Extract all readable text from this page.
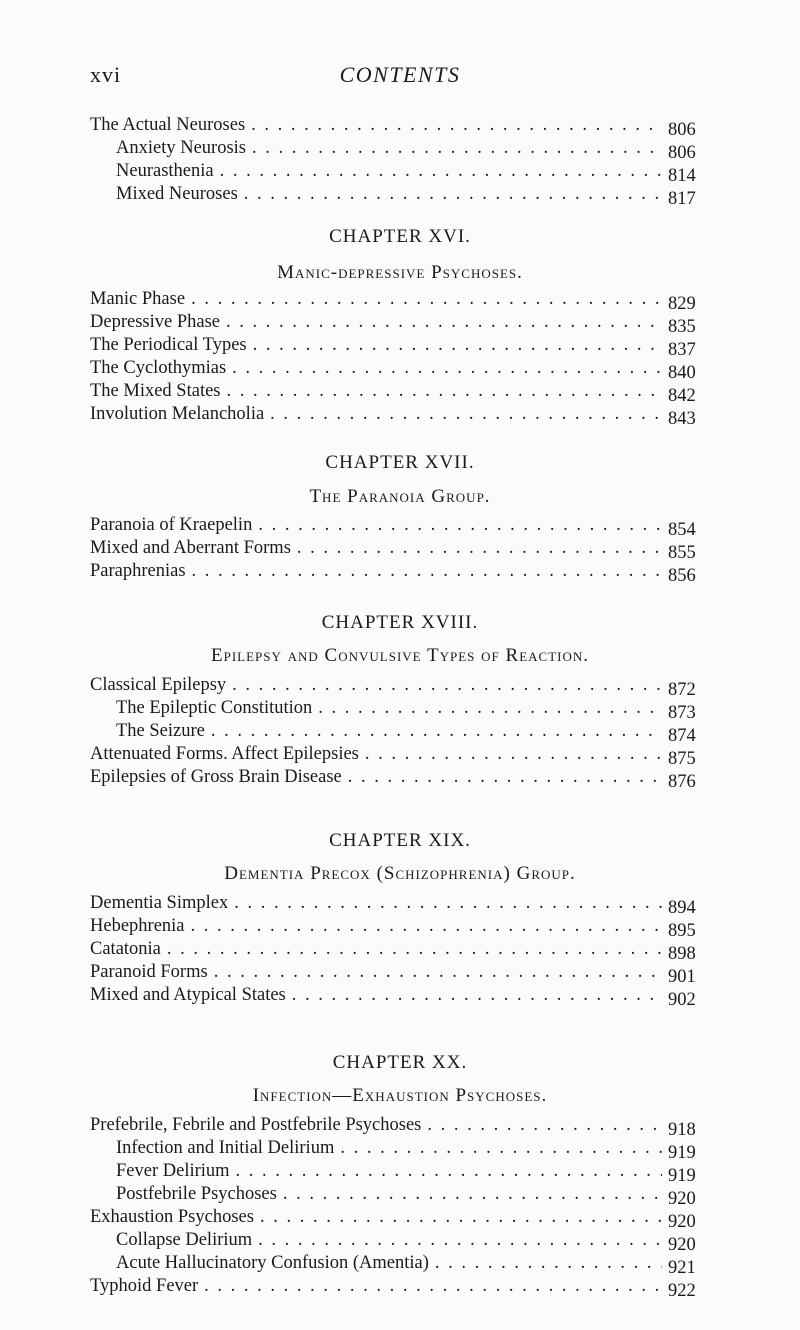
xvi	CONTENTS
The Actual Neuroses . . .	806
Anxiety Neurosis . . .	806
Neurasthenia . . .	814
Mixed Neuroses . . .	817
CHAPTER XVI.
Manic-depressive Psychoses.
Manic Phase . . .	829
Depressive Phase . . .	835
The Periodical Types . . .	837
The Cyclothymias . . .	840
The Mixed States . . .	842
Involution Melancholia . . .	843
CHAPTER XVII.
The Paranoia Group.
Paranoia of Kraepelin . . .	854
Mixed and Aberrant Forms . . .	855
Paraphrenias . . .	856
CHAPTER XVIII.
Epilepsy and Convulsive Types of Reaction.
Classical Epilepsy . . .	872
The Epileptic Constitution . . .	873
The Seizure . . .	874
Attenuated Forms. Affect Epilepsies . . .	875
Epilepsies of Gross Brain Disease . . .	876
CHAPTER XIX.
Dementia Precox (Schizophrenia) Group.
Dementia Simplex . . .	894
Hebephrenia . . .	895
Catatonia . . .	898
Paranoid Forms . . .	901
Mixed and Atypical States . . .	902
CHAPTER XX.
Infection—Exhaustion Psychoses.
Prefebrile, Febrile and Postfebrile Psychoses . . .	918
Infection and Initial Delirium . . .	919
Fever Delirium . . .	919
Postfebrile Psychoses . . .	920
Exhaustion Psychoses . . .	920
Collapse Delirium . . .	920
Acute Hallucinatory Confusion (Amentia) . . .	921
Typhoid Fever . . .	922
